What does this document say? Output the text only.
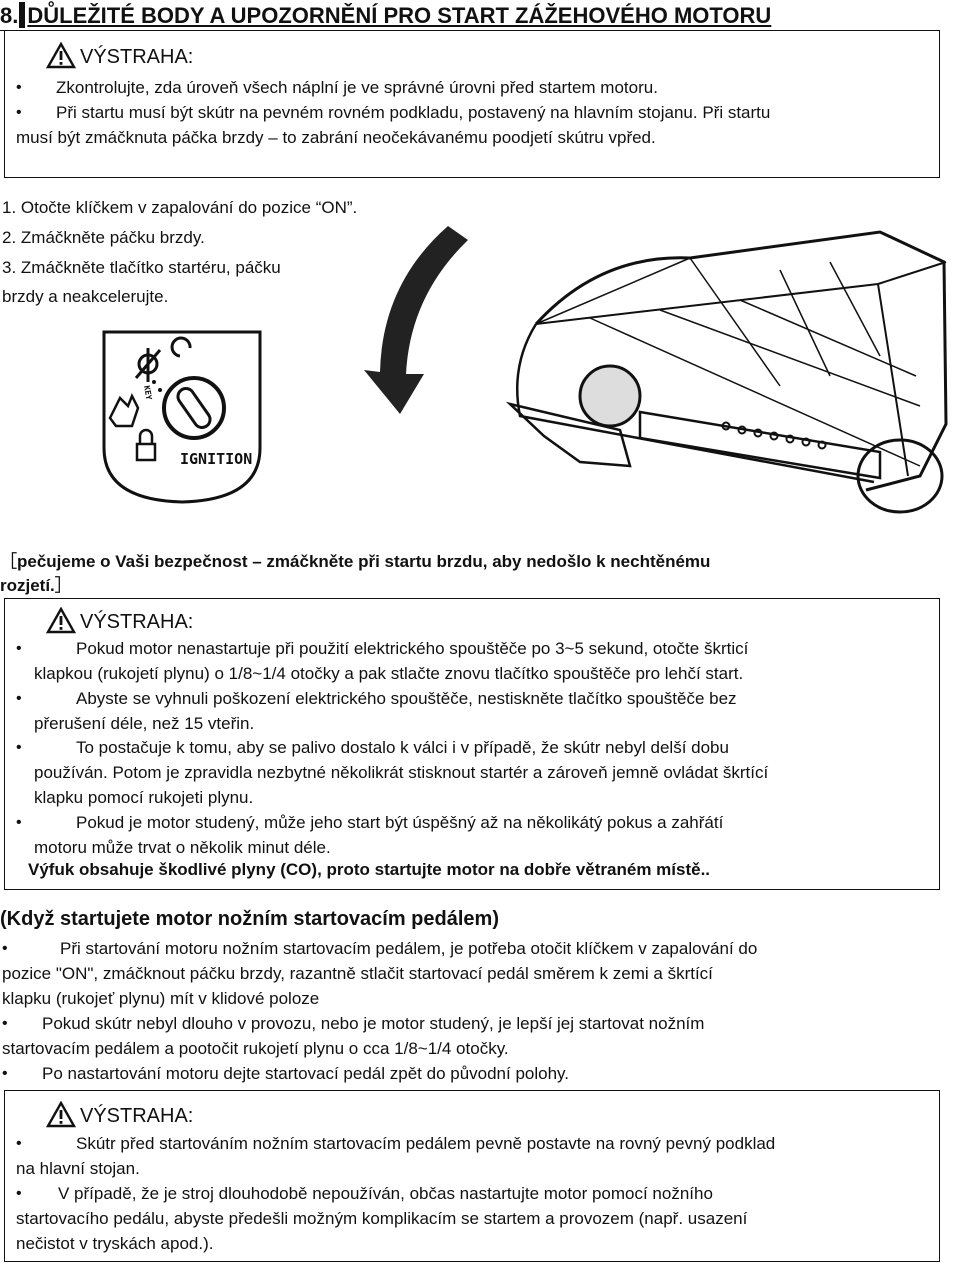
8. DŮLEŽITÉ BODY A UPOZORNĚNÍ PRO START ZÁŽEHOVÉHO MOTORU
VÝSTRAHA:
• Zkontrolujte, zda úroveň všech náplní je ve správné úrovni před startem motoru.
• Při startu musí být skútr na pevném rovném podkladu, postavený na hlavním stojanu. Při startu
musí být zmáčknuta páčka brzdy – to zabrání neočekávanému poodjetí skútru vpřed.
1. Otočte klíčkem v zapalování do pozice “ON”.
2. Zmáčkněte páčku brzdy.
3. Zmáčkněte tlačítko startéru, páčku
brzdy a neakcelerujte.
KEY
IGNITION
［pečujeme o Vaši bezpečnost – zmáčkněte při startu brzdu, aby nedošlo k nechtěnému
rozjetí.］
VÝSTRAHA:
•	Pokud motor nenastartuje při použití elektrického spouštěče po 3~5 sekund, otočte škrticí
klapkou (rukojetí plynu) o 1/8~1/4 otočky a pak stlačte znovu tlačítko spouštěče pro lehčí start.
•	Abyste se vyhnuli poškození elektrického spouštěče, nestiskněte tlačítko spouštěče bez
přerušení déle, než 15 vteřin.
•	To postačuje k tomu, aby se palivo dostalo k válci i v případě, že skútr nebyl delší dobu
používán. Potom je zpravidla nezbytné několikrát stisknout startér a zároveň jemně ovládat škrtící
klapku pomocí rukojeti plynu.
•	Pokud je motor studený, může jeho start být úspěšný až na několikátý pokus a zahřátí
motoru může trvat o několik minut déle.
Výfuk obsahuje škodlivé plyny (CO), proto startujte motor na dobře větraném místě..
(Když startujete motor nožním startovacím pedálem)
•	Při startování motoru nožním startovacím pedálem, je potřeba otočit klíčkem v zapalování do
pozice "ON", zmáčknout páčku brzdy, razantně stlačit startovací pedál směrem k zemi a škrtící
klapku (rukojeť plynu) mít v klidové poloze
• Pokud skútr nebyl dlouho v provozu, nebo je motor studený, je lepší jej startovat nožním
startovacím pedálem a pootočit rukojetí plynu o cca 1/8~1/4 otočky.
• Po nastartování motoru dejte startovací pedál zpět do původní polohy.
VÝSTRAHA:
•	Skútr před startováním nožním startovacím pedálem pevně postavte na rovný pevný podklad
na hlavní stojan.
• V případě, že je stroj dlouhodobě nepoužíván, občas nastartujte motor pomocí nožního
startovacího pedálu, abyste předešli možným komplikacím se startem a provozem (např. usazení
nečistot v tryskách apod.).
